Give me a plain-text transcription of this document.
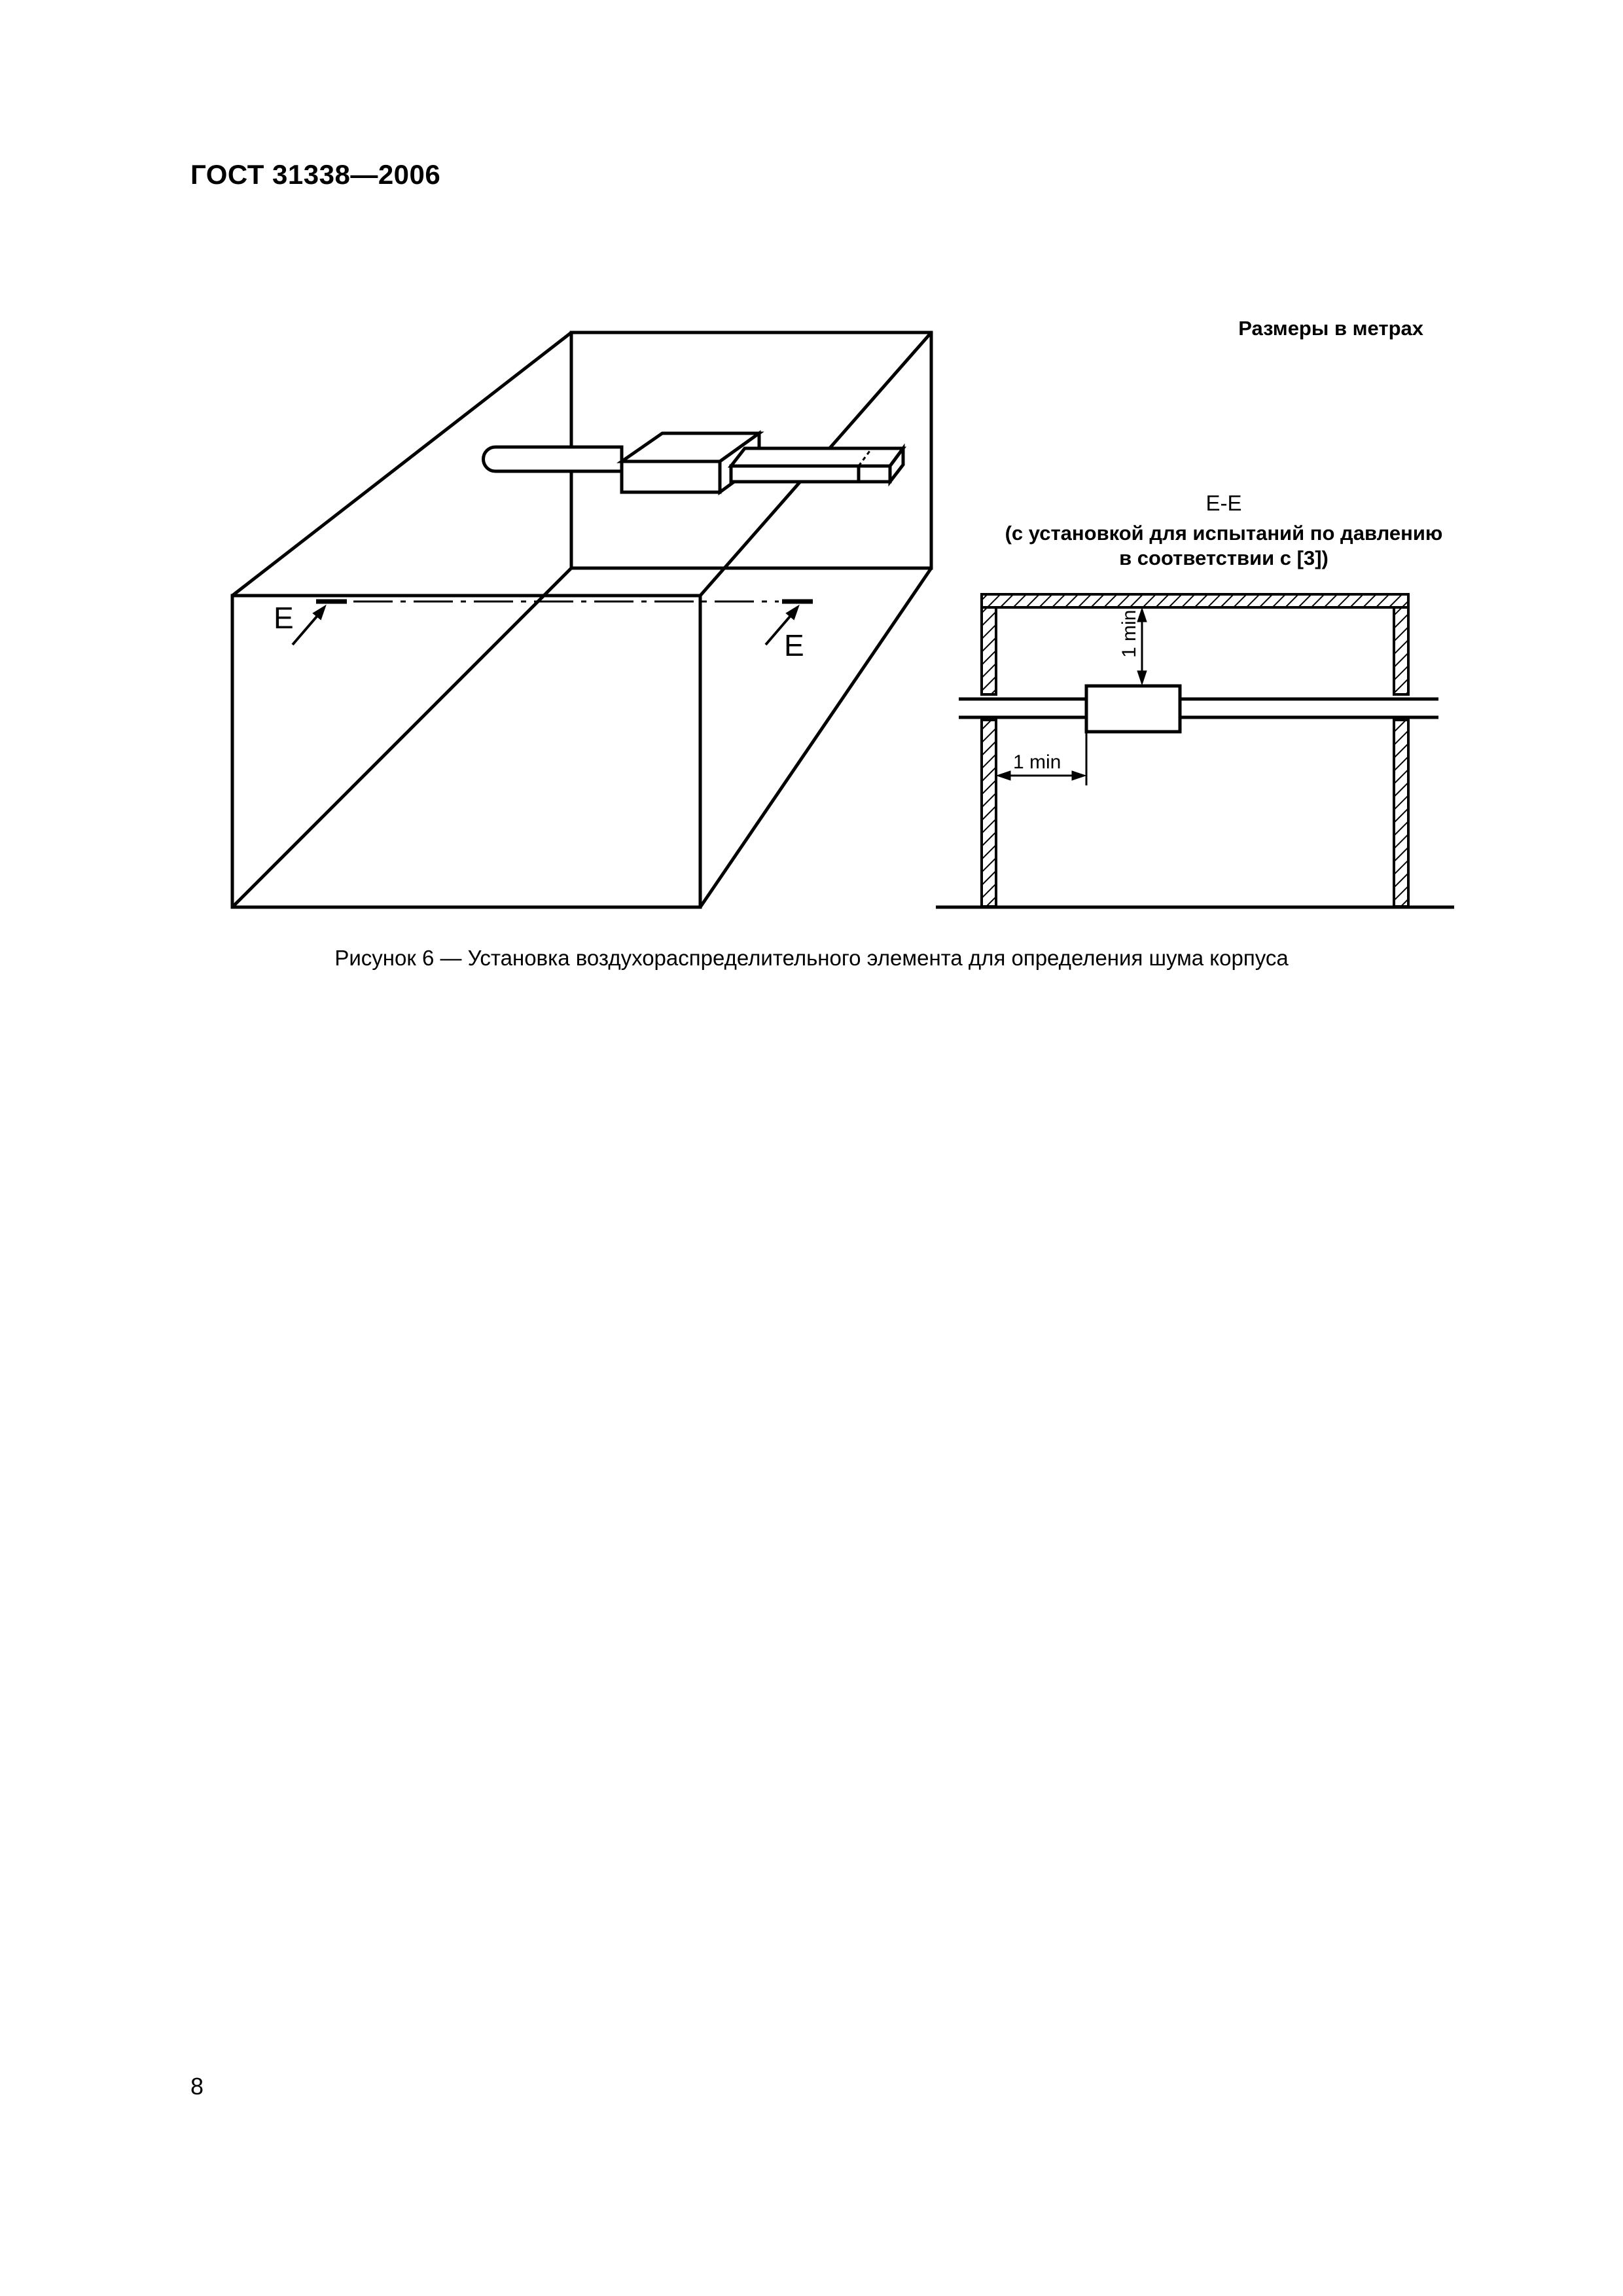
ГОСТ 31338—2006
Размеры в метрах
E-E
(с установкой для испытаний по давлению
в соответствии с [3])
E
E	1 min
1 min
Рисунок 6 — Установка воздухораспределительного элемента для определения шума корпуса
8
